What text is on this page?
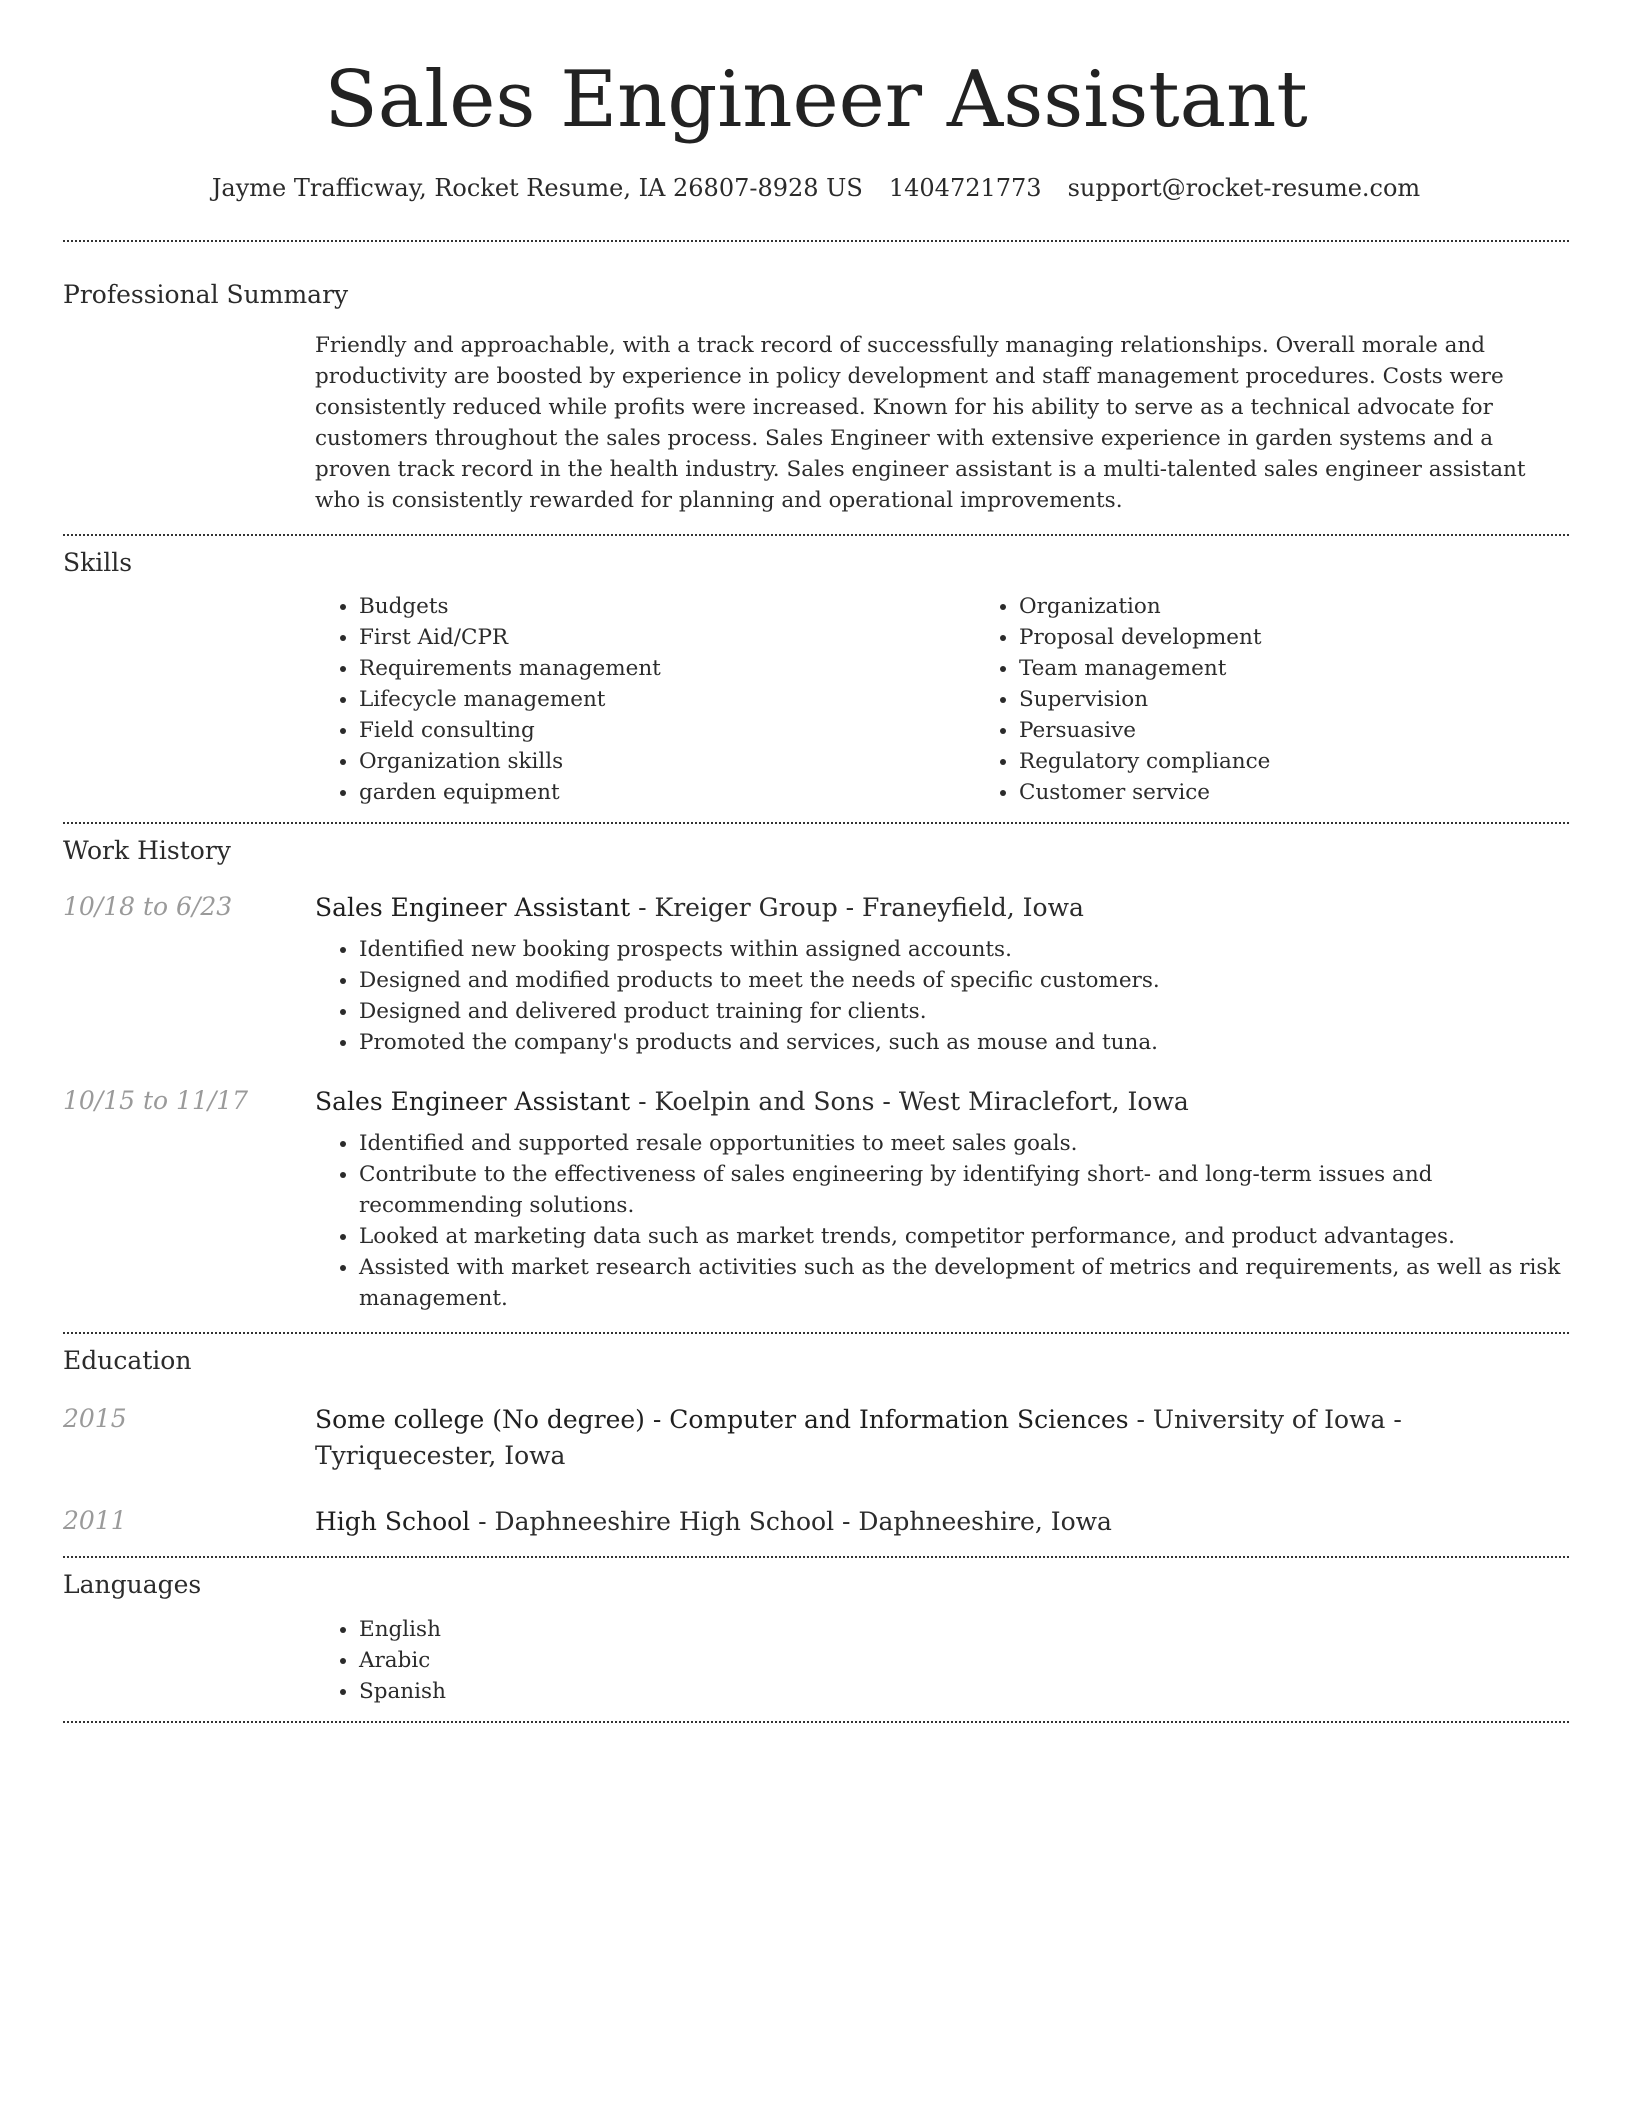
Sales Engineer Assistant
Jayme Trafficway, Rocket Resume, IA 26807-8928 US 1404721773 support@rocket-resume.com
Professional Summary

Friendly and approachable, with a track record of successfully managing relationships. Overall morale and productivity are boosted by experience in policy development and staff management procedures. Costs were consistently reduced while profits were increased. Known for his ability to serve as a technical advocate for customers throughout the sales process. Sales Engineer with extensive experience in garden systems and a proven track record in the health industry. Sales engineer assistant is a multi-talented sales engineer assistant who is consistently rewarded for planning and operational improvements.

Skills
• Budgets
• First Aid/CPR
• Requirements management
• Lifecycle management
• Field consulting
• Organization skills
• garden equipment
• Organization
• Proposal development
• Team management
• Supervision
• Persuasive
• Regulatory compliance
• Customer service
Work History
10/18 to 6/23	Sales Engineer Assistant - Kreiger Group - Franeyfield, Iowa
• Identified new booking prospects within assigned accounts.
• Designed and modified products to meet the needs of specific customers.
• Designed and delivered product training for clients.
• Promoted the company's products and services, such as mouse and tuna.
10/15 to 11/17	Sales Engineer Assistant - Koelpin and Sons - West Miraclefort, Iowa
• Identified and supported resale opportunities to meet sales goals.
• Contribute to the effectiveness of sales engineering by identifying short- and long-term issues and recommending solutions.
• Looked at marketing data such as market trends, competitor performance, and product advantages.
• Assisted with market research activities such as the development of metrics and requirements, as well as risk management.
Education
2015	Some college (No degree) - Computer and Information Sciences - University of Iowa - Tyriquecester, Iowa
2011	High School - Daphneeshire High School - Daphneeshire, Iowa
Languages
• English
• Arabic
• Spanish
